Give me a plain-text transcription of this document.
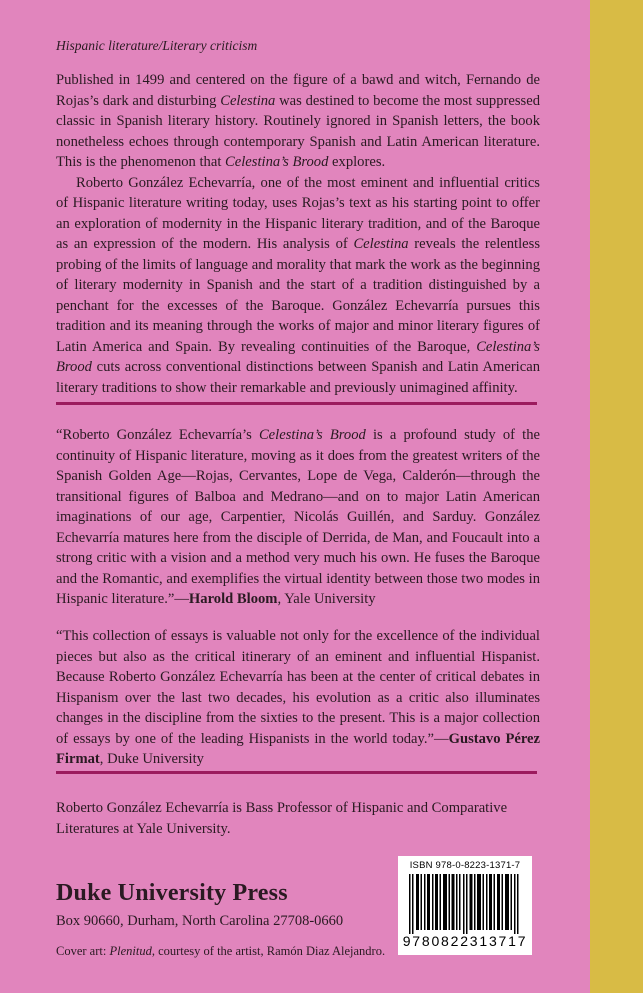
Hispanic literature/Literary criticism

Published in 1499 and centered on the figure of a bawd and witch, Fernando de Rojas’s dark and disturbing Celestina was destined to become the most suppressed classic in Spanish literary history. Routinely ignored in Spanish letters, the book nonetheless echoes through contemporary Spanish and Latin American literature. This is the phenomenon that Celestina’s Brood explores.

Roberto González Echevarría, one of the most eminent and influential critics of Hispanic literature writing today, uses Rojas’s text as his starting point to offer an exploration of modernity in the Hispanic literary tradition, and of the Baroque as an expression of the modern. His analysis of Celestina reveals the relentless probing of the limits of language and morality that mark the work as the beginning of literary modernity in Spanish and the start of a tradition distinguished by a penchant for the excesses of the Baroque. González Echevarría pursues this tradition and its meaning through the works of major and minor literary figures of Latin America and Spain. By revealing continuities of the Baroque, Celestina’s Brood cuts across conventional distinctions between Spanish and Latin American literary traditions to show their remarkable and previously unimagined affinity.

“Roberto González Echevarría’s Celestina’s Brood is a profound study of the continuity of Hispanic literature, moving as it does from the greatest writers of the Spanish Golden Age—Rojas, Cervantes, Lope de Vega, Calderón—through the transitional figures of Balboa and Medrano—and on to major Latin American imaginations of our age, Carpentier, Nicolás Guillén, and Sarduy. González Echevarría matures here from the disciple of Derrida, de Man, and Foucault into a strong critic with a vision and a method very much his own. He fuses the Baroque and the Romantic, and exemplifies the virtual identity between those two modes in Hispanic literature.”—Harold Bloom, Yale University

“This collection of essays is valuable not only for the excellence of the individual pieces but also as the critical itinerary of an eminent and influential Hispanist. Because Roberto González Echevarría has been at the center of critical debates in Hispanism over the last two decades, his evolution as a critic also illuminates changes in the discipline from the sixties to the present. This is a major collection of essays by one of the leading Hispanists in the world today.”—Gustavo Pérez Firmat, Duke University

Roberto González Echevarría is Bass Professor of Hispanic and Comparative Literatures at Yale University.
Duke University Press
Box 90660, Durham, North Carolina 27708-0660
Cover art: Plenitud, courtesy of the artist, Ramón Diaz Alejandro.
ISBN 978-0-8223-1371-7
9780822313717
